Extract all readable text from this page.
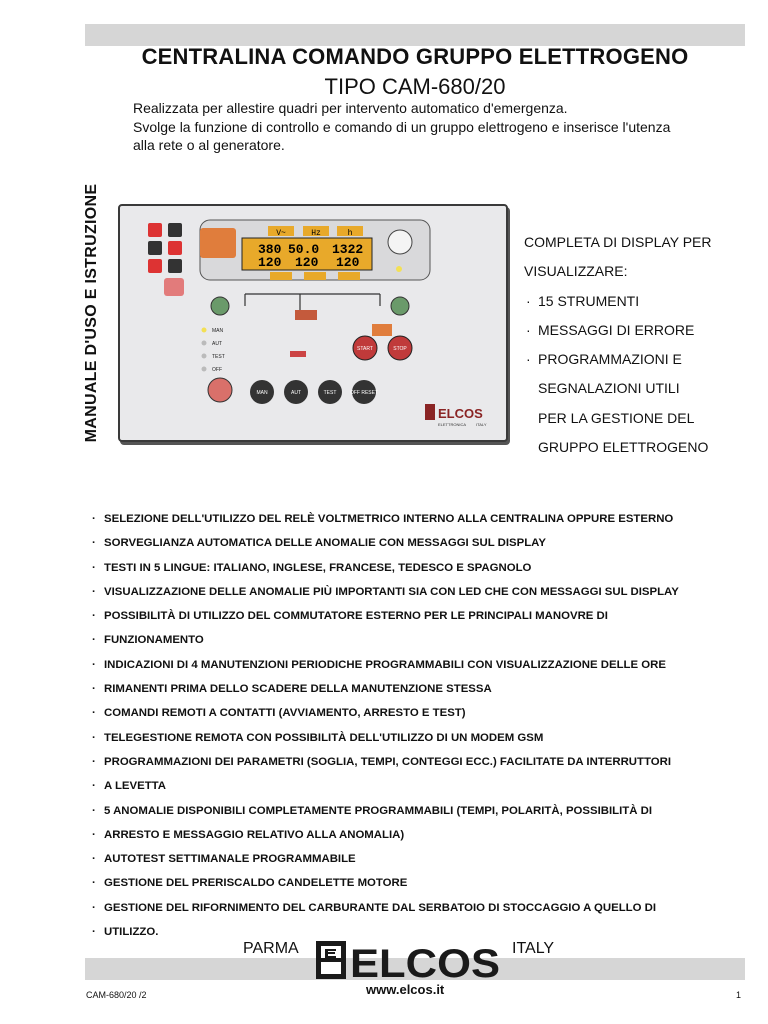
CENTRALINA COMANDO GRUPPO ELETTROGENO
TIPO CAM-680/20
Realizzata per allestire quadri per intervento automatico d'emergenza.
Svolge la funzione di controllo e comando di un gruppo elettrogeno e inserisce l'utenza
alla rete o al generatore.
MANUALE D'USO E ISTRUZIONE	V~	Hz	h
380 50.0 1322
120 120 120
MAN
AUT
TEST
OFF
START	STOP
MAN	AUT	TEST	OFF RESET
ELCOS
ELETTRONICA ITALY
COMPLETA DI DISPLAY PER
VISUALIZZARE:
· 15 STRUMENTI
· MESSAGGI DI ERRORE
· PROGRAMMAZIONI E
SEGNALAZIONI UTILI
PER LA GESTIONE DEL
GRUPPO ELETTROGENO
· SELEZIONE DELL'UTILIZZO DEL RELÈ VOLTMETRICO INTERNO ALLA CENTRALINA OPPURE ESTERNO
· SORVEGLIANZA AUTOMATICA DELLE ANOMALIE CON MESSAGGI SUL DISPLAY
· TESTI IN 5 LINGUE: ITALIANO, INGLESE, FRANCESE, TEDESCO E SPAGNOLO
· VISUALIZZAZIONE DELLE ANOMALIE PIÙ IMPORTANTI SIA CON LED CHE CON MESSAGGI SUL DISPLAY
· POSSIBILITÀ DI UTILIZZO DEL COMMUTATORE ESTERNO PER LE PRINCIPALI MANOVRE DI
· FUNZIONAMENTO
· INDICAZIONI DI 4 MANUTENZIONI PERIODICHE PROGRAMMABILI CON VISUALIZZAZIONE DELLE ORE
· RIMANENTI PRIMA DELLO SCADERE DELLA MANUTENZIONE STESSA
· COMANDI REMOTI A CONTATTI (AVVIAMENTO, ARRESTO E TEST)
· TELEGESTIONE REMOTA CON POSSIBILITÀ DELL'UTILIZZO DI UN MODEM GSM
· PROGRAMMAZIONI DEI PARAMETRI (SOGLIA, TEMPI, CONTEGGI ECC.) FACILITATE DA INTERRUTTORI
· A LEVETTA
· 5 ANOMALIE DISPONIBILI COMPLETAMENTE PROGRAMMABILI (TEMPI, POLARITÀ, POSSIBILITÀ DI
· ARRESTO E MESSAGGIO RELATIVO ALLA ANOMALIA)
· AUTOTEST SETTIMANALE PROGRAMMABILE
· GESTIONE DEL PRERISCALDO CANDELETTE MOTORE
· GESTIONE DEL RIFORNIMENTO DEL CARBURANTE DAL SERBATOIO DI STOCCAGGIO A QUELLO DI
· UTILIZZO.
PARMA ELCOS ITALY
www.elcos.it
CAM-680/20 /2	1
